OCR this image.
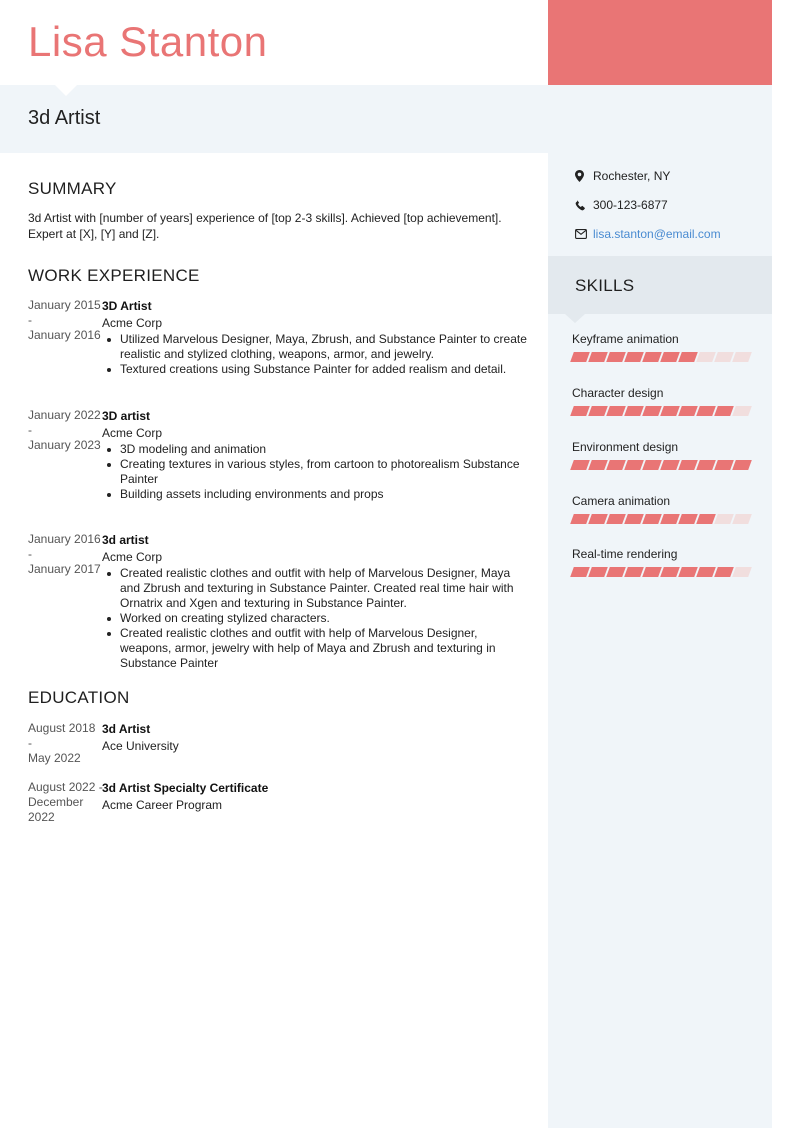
Lisa Stanton
3d Artist
Rochester, NY
300-123-6877
lisa.stanton@email.com
SKILLS
Keyframe animation
Character design
Environment design
Camera animation
Real-time rendering
SUMMARY
3d Artist with [number of years] experience of [top 2-3 skills]. Achieved [top achievement]. Expert at [X], [Y] and [Z].
WORK EXPERIENCE
January 2015
-
January 2016
3D Artist
Acme Corp
Utilized Marvelous Designer, Maya, Zbrush, and Substance Painter to create realistic and stylized clothing, weapons, armor, and jewelry.
Textured creations using Substance Painter for added realism and detail.
January 2022
-
January 2023
3D artist
Acme Corp
3D modeling and animation
Creating textures in various styles, from cartoon to photorealism Substance Painter
Building assets including environments and props
January 2016
-
January 2017
3d artist
Acme Corp
Created realistic clothes and outfit with help of Marvelous Designer, Maya and Zbrush and texturing in Substance Painter. Created real time hair with Ornatrix and Xgen and texturing in Substance Painter.
Worked on creating stylized characters.
Created realistic clothes and outfit with help of Marvelous Designer, weapons, armor, jewelry with help of Maya and Zbrush and texturing in Substance Painter
EDUCATION
August 2018 -
May 2022
3d Artist
Ace University
August 2022 -
December 2022
3d Artist Specialty Certificate
Acme Career Program
